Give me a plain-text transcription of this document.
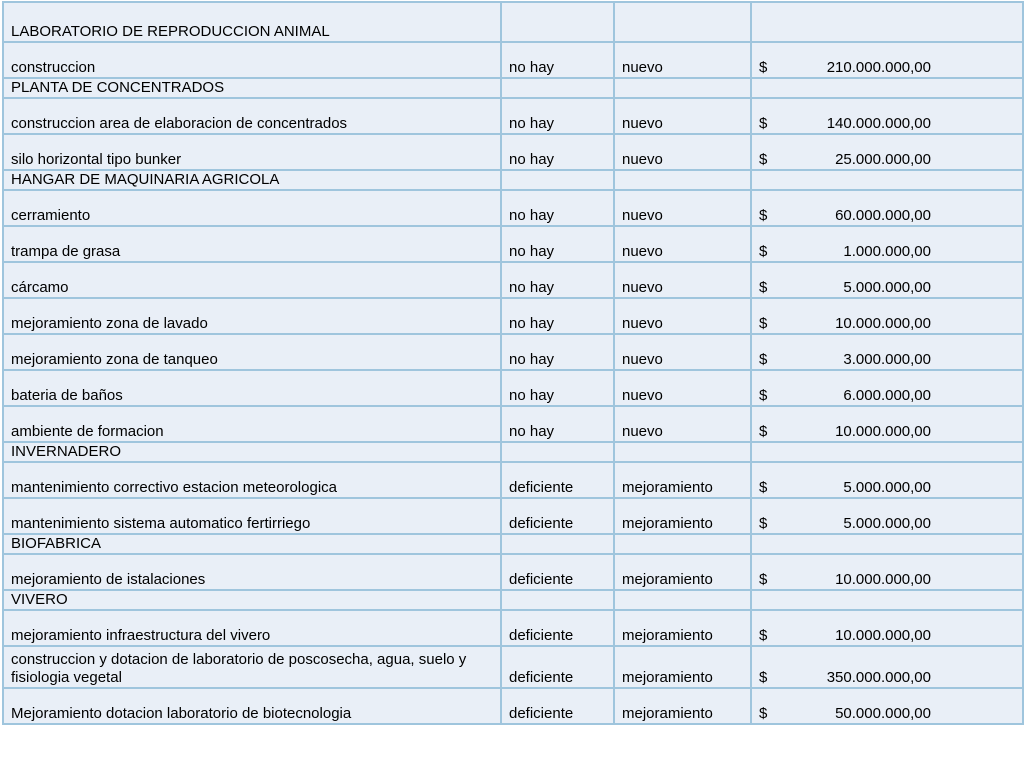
LABORATORIO DE REPRODUCCION ANIMAL			
construccion	no hay	nuevo	$ 210.000.000,00

PLANTA DE CONCENTRADOS			
construccion area de elaboracion de concentrados	no hay	nuevo	$ 140.000.000,00

silo horizontal tipo bunker	no hay	nuevo	$ 25.000.000,00

HANGAR DE MAQUINARIA AGRICOLA			
cerramiento	no hay	nuevo	$ 60.000.000,00

trampa de grasa	no hay	nuevo	$ 1.000.000,00

cárcamo	no hay	nuevo	$ 5.000.000,00

mejoramiento zona de lavado	no hay	nuevo	$ 10.000.000,00

mejoramiento zona de tanqueo	no hay	nuevo	$ 3.000.000,00

bateria de baños	no hay	nuevo	$ 6.000.000,00

ambiente de formacion	no hay	nuevo	$ 10.000.000,00

INVERNADERO			
mantenimiento correctivo estacion meteorologica	deficiente	mejoramiento	$ 5.000.000,00

mantenimiento sistema automatico fertirriego	deficiente	mejoramiento	$ 5.000.000,00

BIOFABRICA			
mejoramiento de istalaciones	deficiente	mejoramiento	$ 10.000.000,00

VIVERO			
mejoramiento infraestructura del vivero	deficiente	mejoramiento	$ 10.000.000,00

construccion y dotacion de laboratorio de poscosecha, agua, suelo y fisiologia vegetal	deficiente	mejoramiento	$ 350.000.000,00

Mejoramiento dotacion laboratorio de biotecnologia	deficiente	mejoramiento	$ 50.000.000,00
